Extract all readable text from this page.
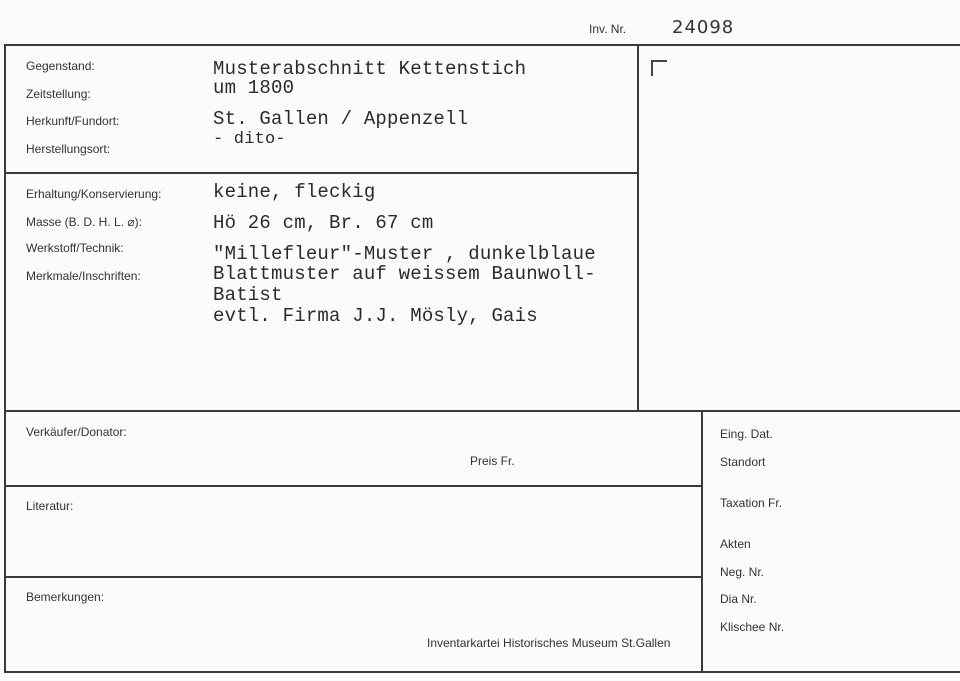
Inv. Nr.	24098
Gegenstand:
Zeitstellung:
Herkunft/Fundort:
Herstellungsort:
Musterabschnitt Kettenstich
um 1800
St. Gallen / Appenzell
- dito-
Erhaltung/Konservierung:
Masse (B. D. H. L. ⌀):
Werkstoff/Technik:
Merkmale/Inschriften:
keine, fleckig
Hö 26 cm, Br. 67 cm
"Millefleur"-Muster , dunkelblaue
Blattmuster auf weissem Baunwoll-
Batist
evtl. Firma J.J. Mösly, Gais
Verkäufer/Donator:
Preis Fr.
Literatur:
Bemerkungen:
Inventarkartei Historisches Museum St.Gallen
Eing. Dat.
Standort
Taxation Fr.
Akten
Neg. Nr.
Dia Nr.
Klischee Nr.
